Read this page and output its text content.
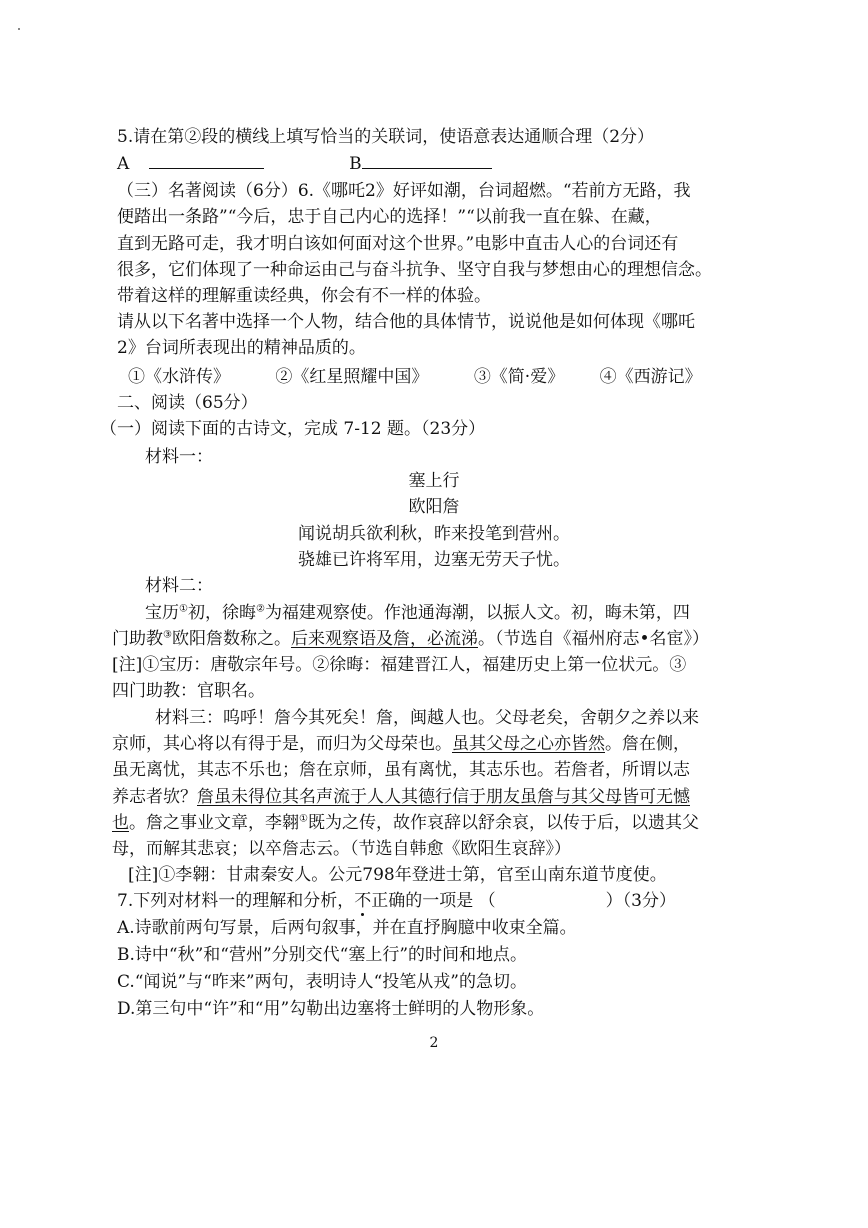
5.请在第②段的横线上填写恰当的关联词，使语意表达通顺合理（2分）
A	B
（三）名著阅读（6分）6.《哪吒2》好评如潮，台词超燃。“若前方无路，我
便踏出一条路”“今后，忠于自己内心的选择！”“以前我一直在躲、在藏，
直到无路可走，我才明白该如何面对这个世界。”电影中直击人心的台词还有
很多，它们体现了一种命运由己与奋斗抗争、坚守自我与梦想由心的理想信念。
带着这样的理解重读经典，你会有不一样的体验。
请从以下名著中选择一个人物，结合他的具体情节，说说他是如何体现《哪吒
2》台词所表现出的精神品质的。
①《水浒传》	②《红星照耀中国》	③《简·爱》 ④《西游记》
二、阅读（65分）
（一）阅读下面的古诗文，完成 7-12 题。（23分）
材料一：
塞上行
欧阳詹
闻说胡兵欲利秋，昨来投笔到营州。
骁雄已许将军用，边塞无劳天子忧。
材料二：
宝历①初，徐晦②为福建观察使。作池通海潮，以振人文。初，晦未第，四
门助教③欧阳詹数称之。后来观察语及詹，必流涕。（节选自《福州府志•名宦》）
[注]①宝历：唐敬宗年号。②徐晦：福建晋江人，福建历史上第一位状元。③
四门助教：官职名。
材料三：呜呼！詹今其死矣！詹，闽越人也。父母老矣，舍朝夕之养以来
京师，其心将以有得于是，而归为父母荣也。虽其父母之心亦皆然。詹在侧，
虽无离忧，其志不乐也；詹在京师，虽有离忧，其志乐也。若詹者，所谓以志
养志者欤？詹虽未得位其名声流于人人其德行信于朋友虽詹与其父母皆可无憾
也。詹之事业文章，李翱①既为之传，故作哀辞以舒余哀，以传于后，以遗其父
母，而解其悲哀；以卒詹志云。（节选自韩愈《欧阳生哀辞》）
[注]①李翱：甘肃秦安人。公元798年登进士第，官至山南东道节度使。
7.下列对材料一的理解和分析，不正确的一项是 （	）（3分）
A.诗歌前两句写景，后两句叙事，并在直抒胸臆中收束全篇。
B.诗中“秋”和“营州”分别交代“塞上行”的时间和地点。
C.“闻说”与“昨来”两句，表明诗人“投笔从戎”的急切。
D.第三句中“许”和“用”勾勒出边塞将士鲜明的人物形象。
2
